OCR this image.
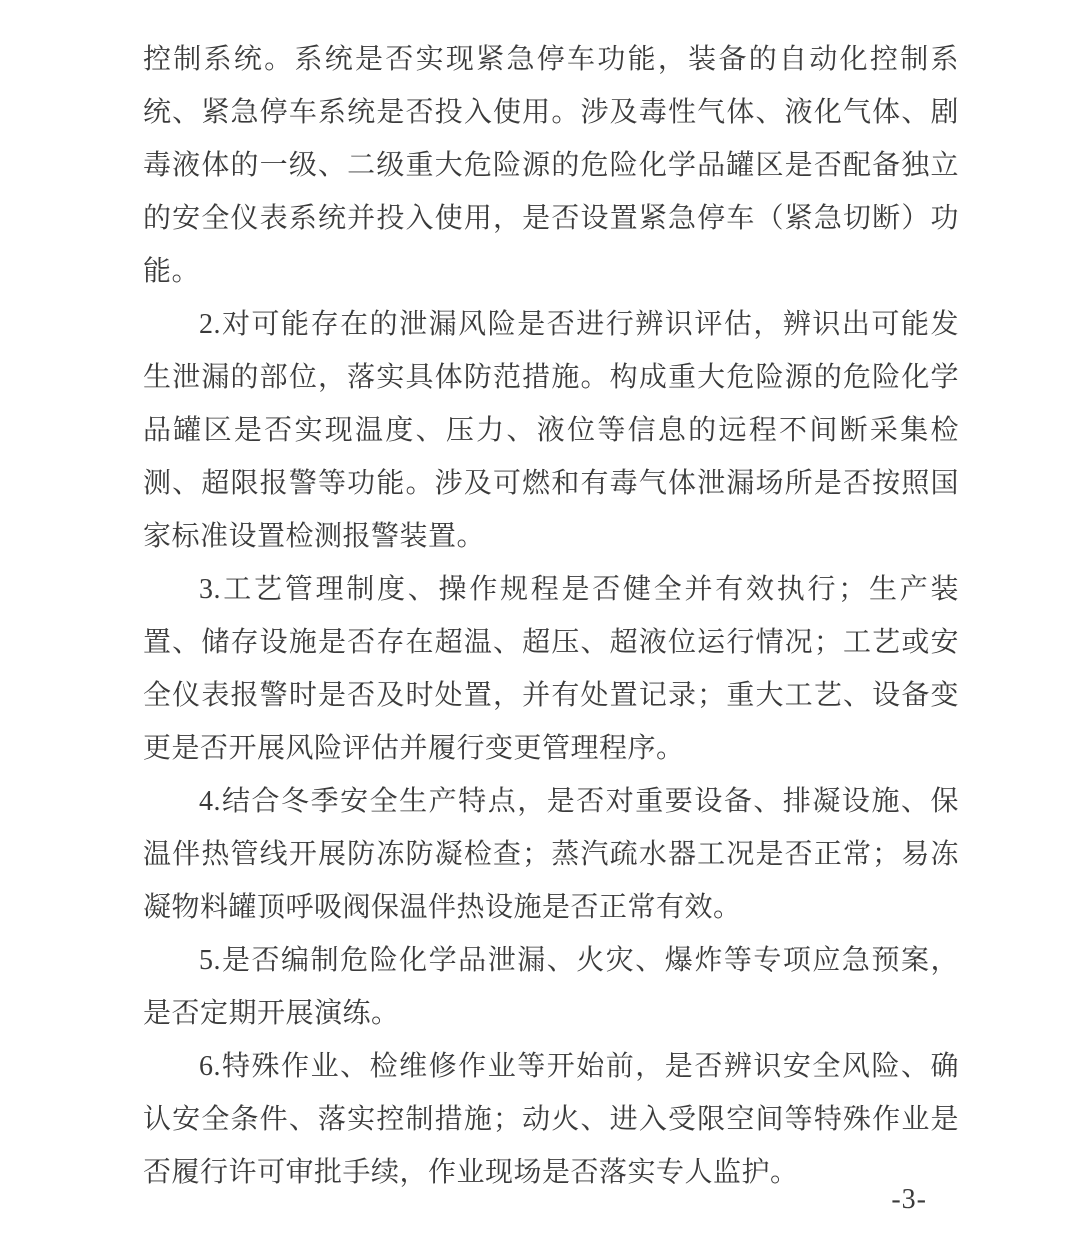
控制系统。系统是否实现紧急停车功能，装备的自动化控制系统、紧急停车系统是否投入使用。涉及毒性气体、液化气体、剧毒液体的一级、二级重大危险源的危险化学品罐区是否配备独立的安全仪表系统并投入使用，是否设置紧急停车（紧急切断）功能。

2.对可能存在的泄漏风险是否进行辨识评估，辨识出可能发生泄漏的部位，落实具体防范措施。构成重大危险源的危险化学品罐区是否实现温度、压力、液位等信息的远程不间断采集检测、超限报警等功能。涉及可燃和有毒气体泄漏场所是否按照国家标准设置检测报警装置。

3.工艺管理制度、操作规程是否健全并有效执行；生产装置、储存设施是否存在超温、超压、超液位运行情况；工艺或安全仪表报警时是否及时处置，并有处置记录；重大工艺、设备变更是否开展风险评估并履行变更管理程序。

4.结合冬季安全生产特点，是否对重要设备、排凝设施、保温伴热管线开展防冻防凝检查；蒸汽疏水器工况是否正常；易冻凝物料罐顶呼吸阀保温伴热设施是否正常有效。

5.是否编制危险化学品泄漏、火灾、爆炸等专项应急预案，是否定期开展演练。

6.特殊作业、检维修作业等开始前，是否辨识安全风险、确认安全条件、落实控制措施；动火、进入受限空间等特殊作业是否履行许可审批手续，作业现场是否落实专人监护。

-3-
